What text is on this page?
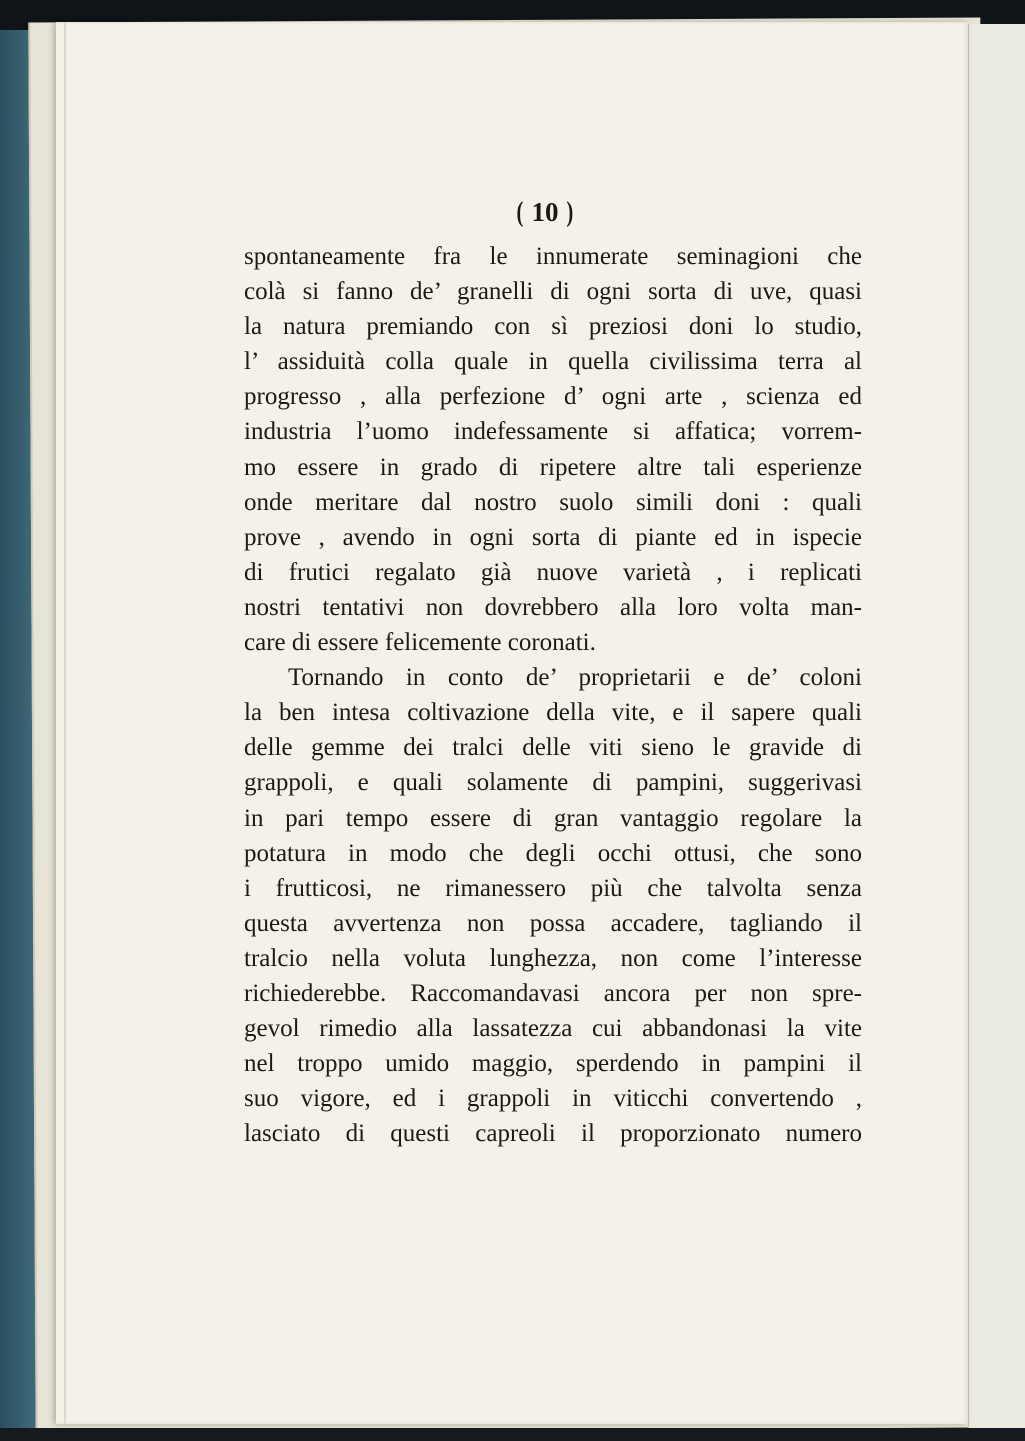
( 10 )
spontaneamente fra le innumerate seminagioni che
colà si fanno de’ granelli di ogni sorta di uve, quasi
la natura premiando con sì preziosi doni lo studio,
l’ assiduità colla quale in quella civilissima terra al
progresso , alla perfezione d’ ogni arte , scienza ed
industria l’uomo indefessamente si affatica; vorrem-
mo essere in grado di ripetere altre tali esperienze
onde meritare dal nostro suolo simili doni : quali
prove , avendo in ogni sorta di piante ed in ispecie
di frutici regalato già nuove varietà , i replicati
nostri tentativi non dovrebbero alla loro volta man-
care di essere felicemente coronati.
Tornando in conto de’ proprietarii e de’ coloni
la ben intesa coltivazione della vite, e il sapere quali
delle gemme dei tralci delle viti sieno le gravide di
grappoli, e quali solamente di pampini, suggerivasi
in pari tempo essere di gran vantaggio regolare la
potatura in modo che degli occhi ottusi, che sono
i frutticosi, ne rimanessero più che talvolta senza
questa avvertenza non possa accadere, tagliando il
tralcio nella voluta lunghezza, non come l’interesse
richiederebbe. Raccomandavasi ancora per non spre-
gevol rimedio alla lassatezza cui abbandonasi la vite
nel troppo umido maggio, sperdendo in pampini il
suo vigore, ed i grappoli in viticchi convertendo ,
lasciato di questi capreoli il proporzionato numero
